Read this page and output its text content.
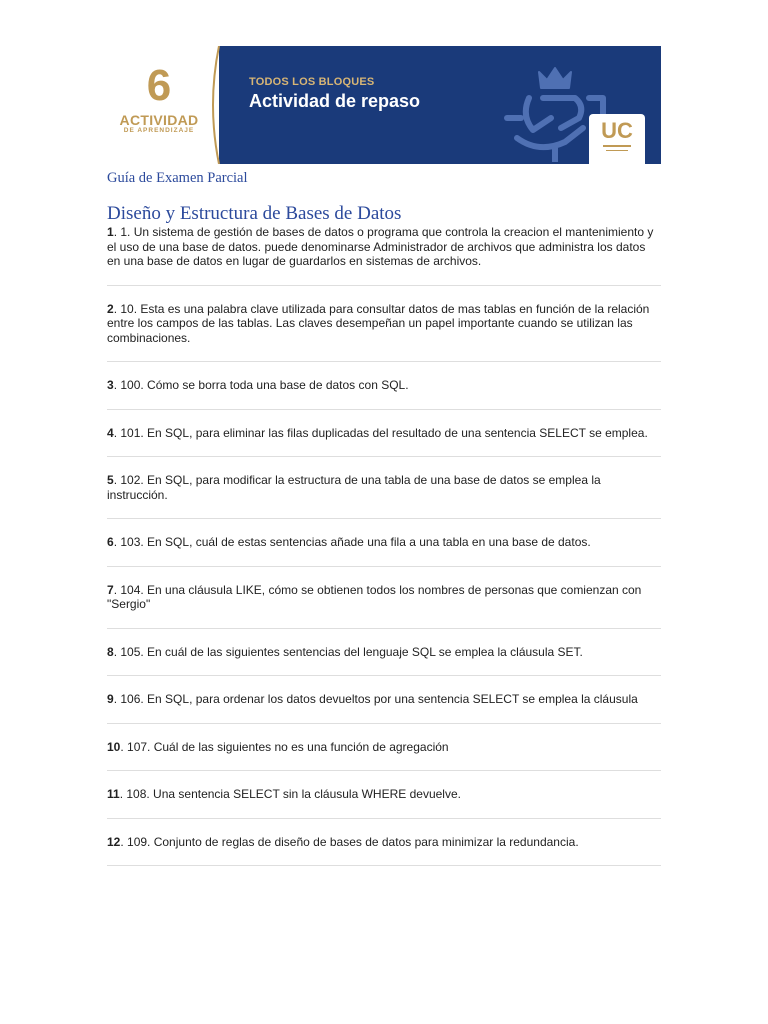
6
ACTIVIDAD
DE APRENDIZAJE
TODOS LOS BLOQUES
Actividad de repaso
UC
Guía de Examen Parcial
Diseño y Estructura de Bases de Datos
1. 1. Un sistema de gestión de bases de datos o programa que controla la creacion el mantenimiento y el uso de una base de datos. puede denominarse Administrador de archivos que administra los datos en una base de datos en lugar de guardarlos en sistemas de archivos.
2. 10. Esta es una palabra clave utilizada para consultar datos de mas tablas en función de la relación entre los campos de las tablas. Las claves desempeñan un papel importante cuando se utilizan las combinaciones.
3. 100. Cómo se borra toda una base de datos con SQL.
4. 101. En SQL, para eliminar las filas duplicadas del resultado de una sentencia SELECT se emplea.
5. 102. En SQL, para modificar la estructura de una tabla de una base de datos se emplea la instrucción.
6. 103. En SQL, cuál de estas sentencias añade una fila a una tabla en una base de datos.
7. 104. En una cláusula LIKE, cómo se obtienen todos los nombres de personas que comienzan con "Sergio"
8. 105. En cuál de las siguientes sentencias del lenguaje SQL se emplea la cláusula SET.
9. 106. En SQL, para ordenar los datos devueltos por una sentencia SELECT se emplea la cláusula
10. 107. Cuál de las siguientes no es una función de agregación
11. 108. Una sentencia SELECT sin la cláusula WHERE devuelve.
12. 109. Conjunto de reglas de diseño de bases de datos para minimizar la redundancia.
